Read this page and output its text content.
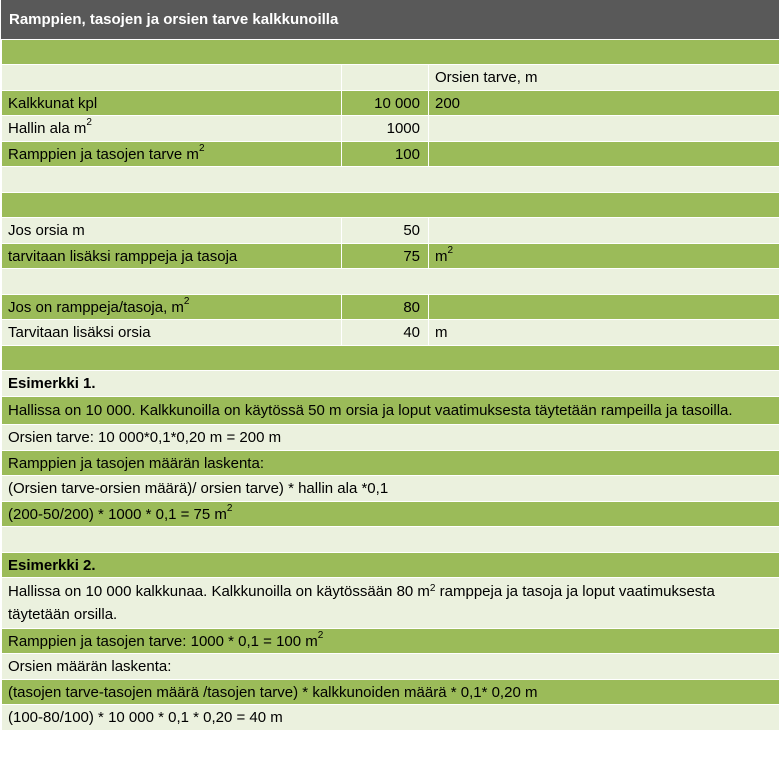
Ramppien, tasojen ja orsien tarve kalkkunoilla

		Orsien tarve, m
Kalkkunat kpl	10 000	200
Hallin ala $m^2$	1000	
Ramppien ja tasojen tarve $m^2$	100	

Jos orsia m	50	
tarvitaan lisäksi ramppeja ja tasoja	75	$m^2$

Jos on ramppeja/tasoja, $m^2$	80	
Tarvitaan lisäksi orsia	40	m

Esimerkki 1.		
Hallissa on 10 000. Kalkkunoilla on käytössä 50 m orsia ja loput vaatimuksesta täytetään rampeilla ja tasoilla.		
Orsien tarve: 10 000*0,1*0,20 m = 200 m		
Ramppien ja tasojen määrän laskenta:		
(Orsien tarve-orsien määrä)/ orsien tarve) * hallin ala *0,1		
(200-50/200) * 1000 * 0,1 = 75 $m^2$

Esimerkki 2.		
Hallissa on 10 000 kalkkunaa. Kalkkunoilla on käytössään 80 $m^2$ ramppeja ja tasoja ja loput vaatimuksesta täytetään orsilla.		
Ramppien ja tasojen tarve: 1000 * 0,1 = 100 $m^2$
Orsien määrän laskenta:		
(tasojen tarve-tasojen määrä /tasojen tarve) * kalkkunoiden määrä * 0,1* 0,20 m		
(100-80/100) * 10 000 * 0,1 * 0,20 = 40 m		
